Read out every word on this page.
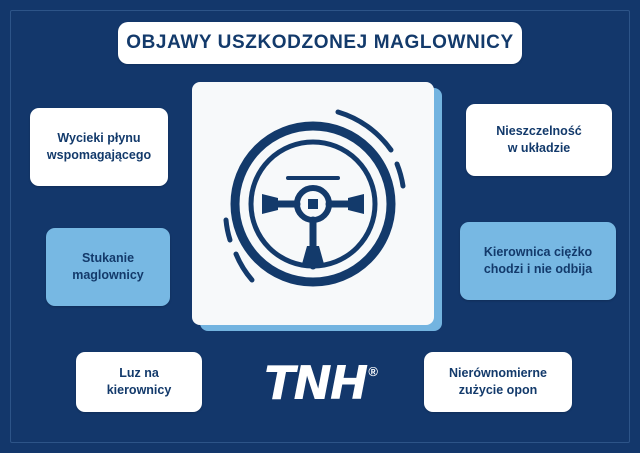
OBJAWY USZKODZONEJ MAGLOWNICY
Wycieki płynu
wspomagającego
Stukanie
maglownicy
Nieszczelność
w układzie
Kierownica ciężko
chodzi i nie odbija
Luz na
kierownicy
Nierównomierne
zużycie opon
TNH ®
